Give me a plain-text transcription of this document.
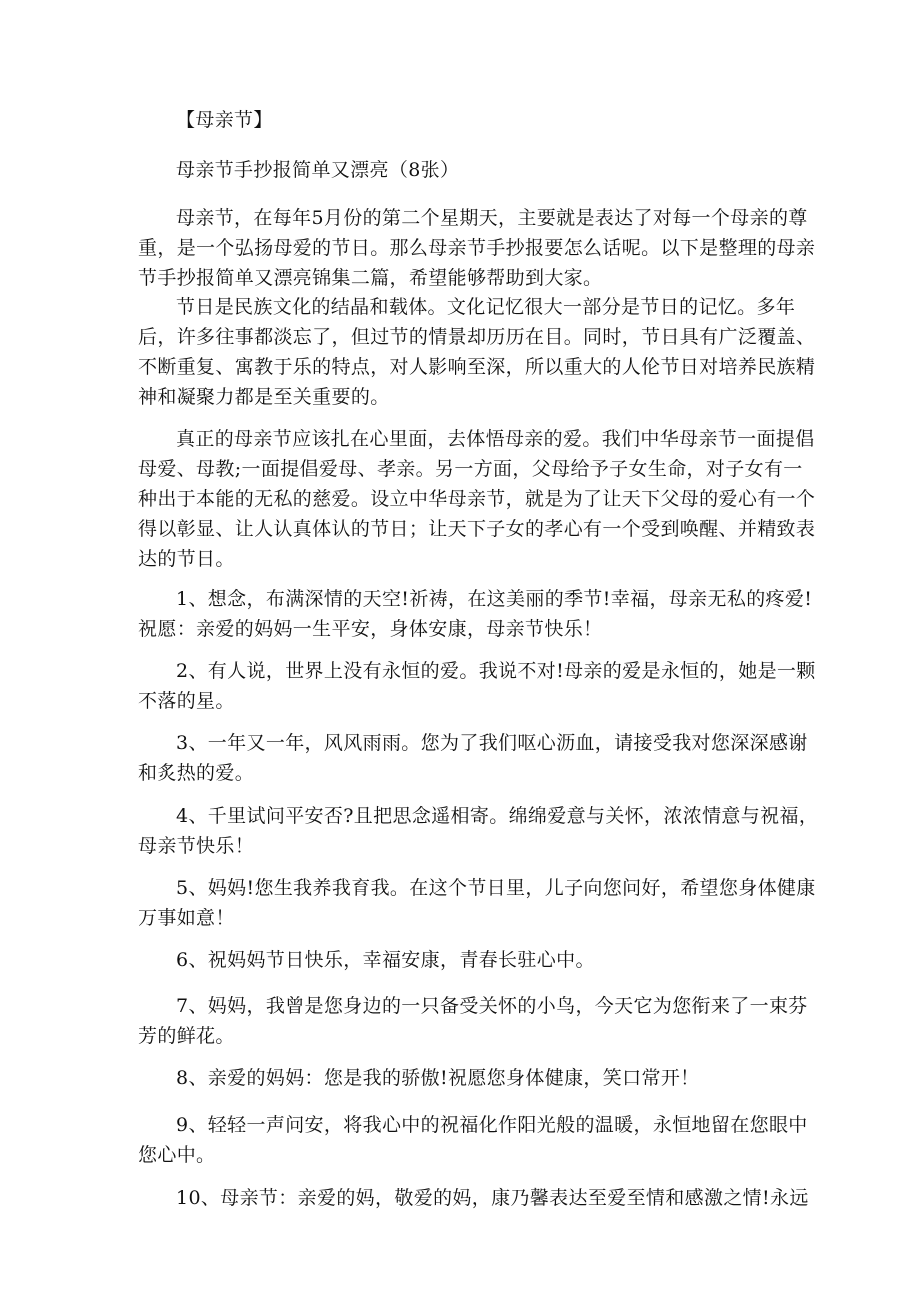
【母亲节】

母亲节手抄报简单又漂亮（8张）

母亲节，在每年5月份的第二个星期天，主要就是表达了对每一个母亲的尊

重，是一个弘扬母爱的节日。那么母亲节手抄报要怎么话呢。以下是整理的母亲

节手抄报简单又漂亮锦集二篇，希望能够帮助到大家。

节日是民族文化的结晶和载体。文化记忆很大一部分是节日的记忆。多年

后，许多往事都淡忘了，但过节的情景却历历在目。同时，节日具有广泛覆盖、

不断重复、寓教于乐的特点，对人影响至深，所以重大的人伦节日对培养民族精

神和凝聚力都是至关重要的。

真正的母亲节应该扎在心里面，去体悟母亲的爱。我们中华母亲节一面提倡

母爱、母教;一面提倡爱母、孝亲。另一方面，父母给予子女生命，对子女有一

种出于本能的无私的慈爱。设立中华母亲节，就是为了让天下父母的爱心有一个

得以彰显、让人认真体认的节日；让天下子女的孝心有一个受到唤醒、并精致表

达的节日。

1、想念，布满深情的天空!祈祷，在这美丽的季节!幸福，母亲无私的疼爱!

祝愿：亲爱的妈妈一生平安，身体安康，母亲节快乐！

2、有人说，世界上没有永恒的爱。我说不对!母亲的爱是永恒的，她是一颗

不落的星。

3、一年又一年，风风雨雨。您为了我们呕心沥血，请接受我对您深深感谢

和炙热的爱。

4、千里试问平安否?且把思念遥相寄。绵绵爱意与关怀，浓浓情意与祝福，

母亲节快乐！

5、妈妈!您生我养我育我。在这个节日里，儿子向您问好，希望您身体健康

万事如意！

6、祝妈妈节日快乐，幸福安康，青春长驻心中。

7、妈妈，我曾是您身边的一只备受关怀的小鸟，今天它为您衔来了一束芬

芳的鲜花。

8、亲爱的妈妈：您是我的骄傲!祝愿您身体健康，笑口常开！

9、轻轻一声问安，将我心中的祝福化作阳光般的温暖，永恒地留在您眼中

您心中。

10、母亲节：亲爱的妈，敬爱的妈，康乃馨表达至爱至情和感激之情!永远
